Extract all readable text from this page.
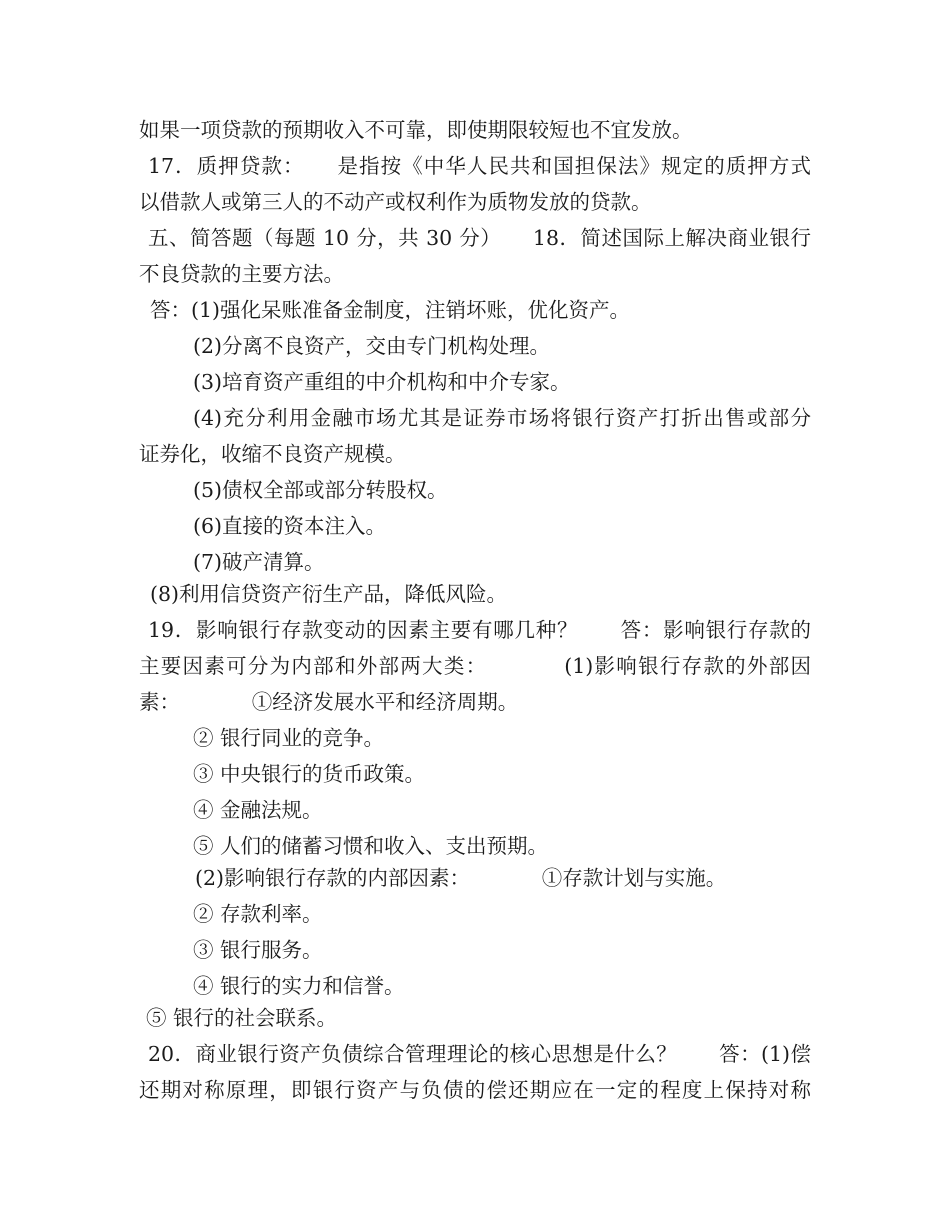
如果一项贷款的预期收入不可靠，即使期限较短也不宜发放。
17．质押贷款：　　是指按《中华人民共和国担保法》规定的质押方式
以借款人或第三人的不动产或权利作为质物发放的贷款。
五、简答题（每题 10 分，共 30 分）　　18．简述国际上解决商业银行
不良贷款的主要方法。
答：(1)强化呆账准备金制度，注销坏账，优化资产。
(2)分离不良资产，交由专门机构处理。
(3)培育资产重组的中介机构和中介专家。
(4)充分利用金融市场尤其是证券市场将银行资产打折出售或部分
证券化，收缩不良资产规模。
(5)债权全部或部分转股权。
(6)直接的资本注入。
(7)破产清算。
(8)利用信贷资产衍生产品，降低风险。
19．影响银行存款变动的因素主要有哪几种？　　答：影响银行存款的
主要因素可分为内部和外部两大类：　　　　(1)影响银行存款的外部因
素：　　　　①经济发展水平和经济周期。
② 银行同业的竞争。
③ 中央银行的货币政策。
④ 金融法规。
⑤ 人们的储蓄习惯和收入、支出预期。
(2)影响银行存款的内部因素：　　　　①存款计划与实施。
② 存款利率。
③ 银行服务。
④ 银行的实力和信誉。
⑤ 银行的社会联系。
20．商业银行资产负债综合管理理论的核心思想是什么？　　答：(1)偿
还期对称原理，即银行资产与负债的偿还期应在一定的程度上保持对称
